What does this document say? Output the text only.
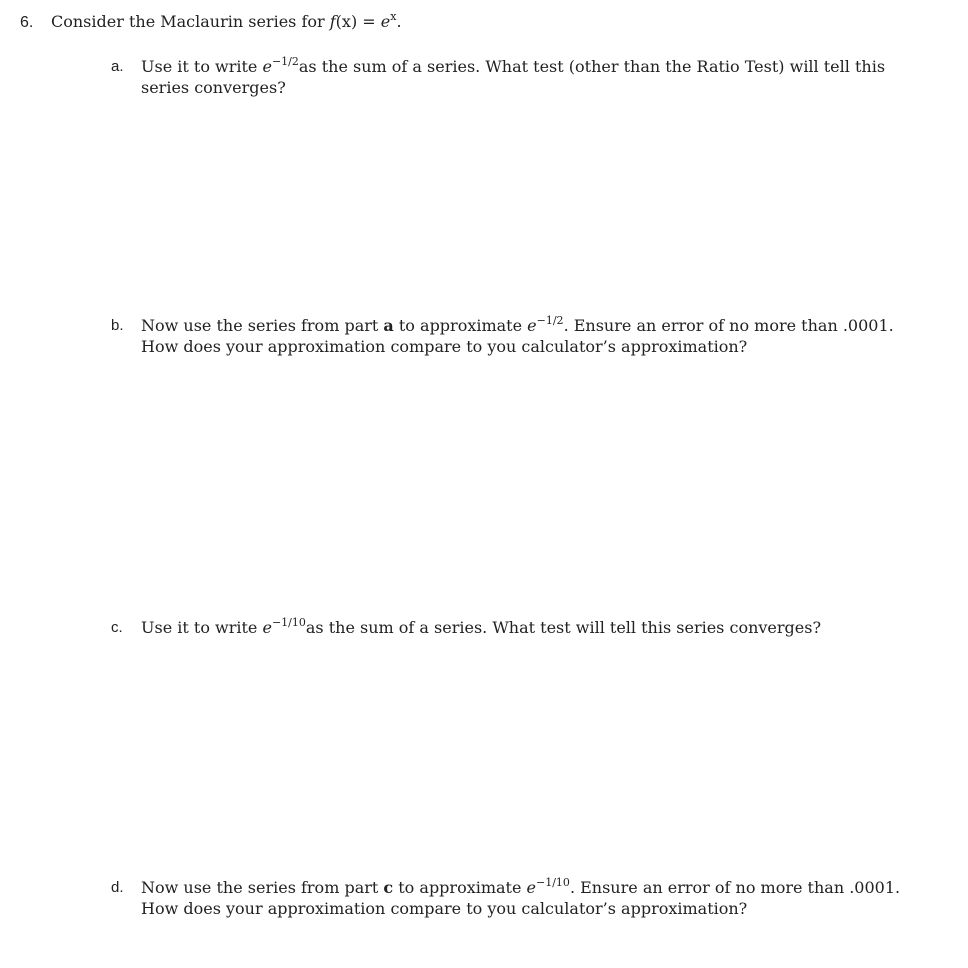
6. Consider the Maclaurin series for $f(x) = e^x$.
a. Use it to write $e^{-1/2}as$ the sum of a series. What test (other than the Ratio Test) will tell this series converges?
b. Now use the series from part a to approximate $e^{-1/2}$. Ensure an error of no more than .0001. How does your approximation compare to you calculator’s approximation?
c. Use it to write $e^{-1/10}as$ the sum of a series. What test will tell this series converges?
d. Now use the series from part c to approximate $e^{-1/10}$. Ensure an error of no more than .0001. How does your approximation compare to you calculator’s approximation?
